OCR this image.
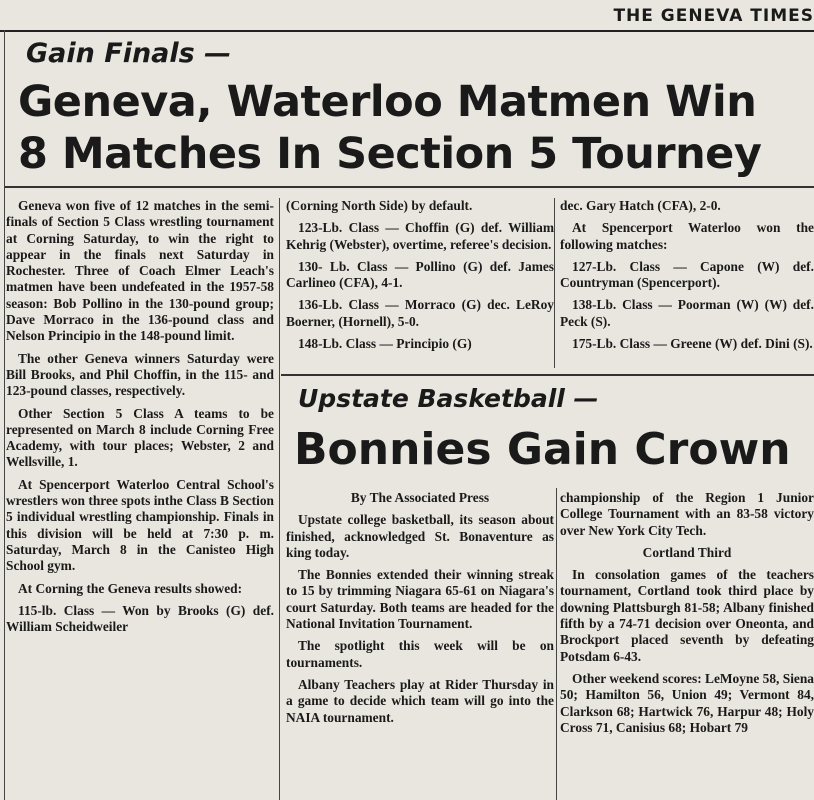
THE GENEVA TIMES
Gain Finals —
Geneva, Waterloo Matmen Win
8 Matches In Section 5 Tourney

Geneva won five of 12 matches in the semi-finals of Section 5 Class wrestling tournament at Corning Saturday, to win the right to appear in the finals next Saturday in Rochester. Three of Coach Elmer Leach's matmen have been undefeated in the 1957-58 season: Bob Pollino in the 130-pound group; Dave Morraco in the 136-pound class and Nelson Principio in the 148-pound limit.

The other Geneva winners Saturday were Bill Brooks, and Phil Choffin, in the 115- and 123-pound classes, respectively.

Other Section 5 Class A teams to be represented on March 8 include Corning Free Academy, with tour places; Webster, 2 and Wellsville, 1.

At Spencerport Waterloo Central School's wrestlers won three spots inthe Class B Section 5 individual wrestling championship. Finals in this division will be held at 7:30 p. m. Saturday, March 8 in the Canisteo High School gym.

At Corning the Geneva results showed:

115-lb. Class — Won by Brooks (G) def. William Scheidweiler

(Corning North Side) by default.

123-Lb. Class — Choffin (G) def. William Kehrig (Webster), overtime, referee's decision.

130- Lb. Class — Pollino (G) def. James Carlineo (CFA), 4-1.

136-Lb. Class — Morraco (G) dec. LeRoy Boerner, (Hornell), 5-0.

148-Lb. Class — Principio (G)

dec. Gary Hatch (CFA), 2-0.

At Spencerport Waterloo won the following matches:

127-Lb. Class — Capone (W) def. Countryman (Spencerport).

138-Lb. Class — Poorman (W) (W) def. Peck (S).

175-Lb. Class — Greene (W) def. Dini (S).

Upstate Basketball —
Bonnies Gain Crown

By The Associated Press

Upstate college basketball, its season about finished, acknowledged St. Bonaventure as king today.

The Bonnies extended their winning streak to 15 by trimming Niagara 65-61 on Niagara's court Saturday. Both teams are headed for the National Invitation Tournament.

The spotlight this week will be on tournaments.

Albany Teachers play at Rider Thursday in a game to decide which team will go into the NAIA tournament.

championship of the Region 1 Junior College Tournament with an 83-58 victory over New York City Tech.

Cortland Third

In consolation games of the teachers tournament, Cortland took third place by downing Plattsburgh 81-58; Albany finished fifth by a 74-71 decision over Oneonta, and Brockport placed seventh by defeating Potsdam 6-43.

Other weekend scores: LeMoyne 58, Siena 50; Hamilton 56, Union 49; Vermont 84, Clarkson 68; Hartwick 76, Harpur 48; Holy Cross 71, Canisius 68; Hobart 79
